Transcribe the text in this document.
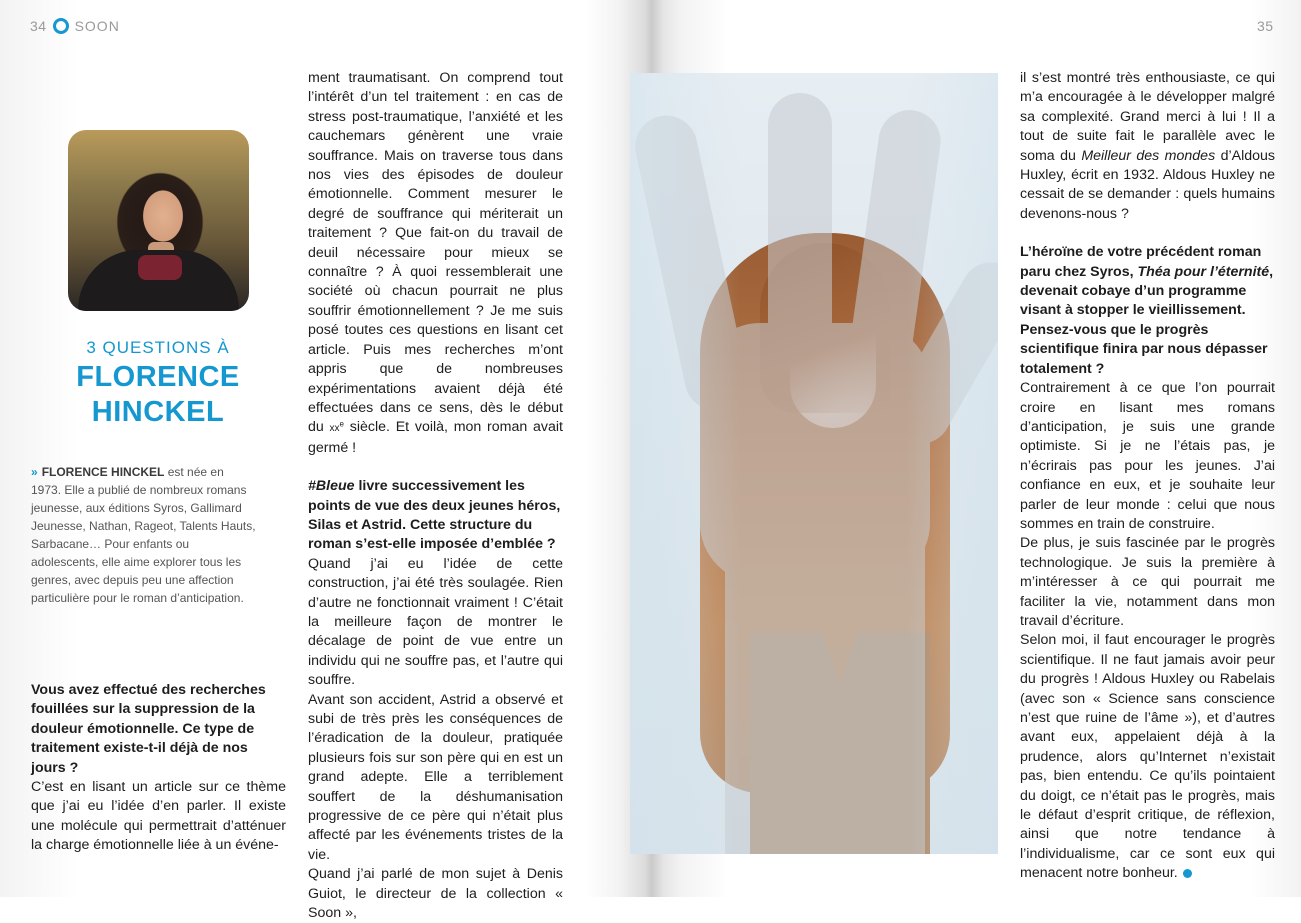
34 SOON	35
3 QUESTIONS À
FLORENCE
HINCKEL
» FLORENCE HINCKEL est née en 1973. Elle a publié de nombreux romans jeunesse, aux éditions Syros, Gallimard Jeunesse, Nathan, Rageot, Talents Hauts, Sarbacane… Pour enfants ou adolescents, elle aime explorer tous les genres, avec depuis peu une affection particulière pour le roman d’anticipation.

Vous avez effectué des recherches fouillées sur la suppression de la douleur émotionnelle. Ce type de traitement existe-t-il déjà de nos jours ?

C’est en lisant un article sur ce thème que j’ai eu l’idée d’en parler. Il existe une molécule qui permettrait d’atténuer la charge émotionnelle liée à un événe-

ment traumatisant. On comprend tout l’intérêt d’un tel traitement : en cas de stress post-traumatique, l’anxiété et les cauchemars génèrent une vraie souffrance. Mais on traverse tous dans nos vies des épisodes de douleur émotionnelle. Comment mesurer le degré de souffrance qui mériterait un traitement ? Que fait-on du travail de deuil nécessaire pour mieux se connaître ? À quoi ressemblerait une société où chacun pourrait ne plus souffrir émotionnellement ? Je me suis posé toutes ces questions en lisant cet article. Puis mes recherches m’ont appris que de nombreuses expérimentations avaient déjà été effectuées dans ce sens, dès le début du $xx^e$ siècle. Et voilà, mon roman avait germé !

#Bleue livre successivement les points de vue des deux jeunes héros, Silas et Astrid. Cette structure du roman s’est-elle imposée d’emblée ?

Quand j’ai eu l’idée de cette construction, j’ai été très soulagée. Rien d’autre ne fonctionnait vraiment ! C’était la meilleure façon de montrer le décalage de point de vue entre un individu qui ne souffre pas, et l’autre qui souffre.

Avant son accident, Astrid a observé et subi de très près les conséquences de l’éradication de la douleur, pratiquée plusieurs fois sur son père qui en est un grand adepte. Elle a terriblement souffert de la déshumanisation progressive de ce père qui n’était plus affecté par les événements tristes de la vie.

Quand j’ai parlé de mon sujet à Denis Guiot, le directeur de la collection « Soon »,

il s’est montré très enthousiaste, ce qui m’a encouragée à le développer malgré sa complexité. Grand merci à lui ! Il a tout de suite fait le parallèle avec le soma du Meilleur des mondes d’Aldous Huxley, écrit en 1932. Aldous Huxley ne cessait de se demander : quels humains devenons-nous ?

L’héroïne de votre précédent roman paru chez Syros, Théa pour l’éternité, devenait cobaye d’un programme visant à stopper le vieillissement. Pensez-vous que le progrès scientifique finira par nous dépasser totalement ?

Contrairement à ce que l’on pourrait croire en lisant mes romans d’anticipation, je suis une grande optimiste. Si je ne l’étais pas, je n’écrirais pas pour les jeunes. J’ai confiance en eux, et je souhaite leur parler de leur monde : celui que nous sommes en train de construire.

De plus, je suis fascinée par le progrès technologique. Je suis la première à m’intéresser à ce qui pourrait me faciliter la vie, notamment dans mon travail d’écriture.

Selon moi, il faut encourager le progrès scientifique. Il ne faut jamais avoir peur du progrès ! Aldous Huxley ou Rabelais (avec son « Science sans conscience n’est que ruine de l’âme »), et d’autres avant eux, appelaient déjà à la prudence, alors qu’Internet n’existait pas, bien entendu. Ce qu’ils pointaient du doigt, ce n’était pas le progrès, mais le défaut d’esprit critique, de réflexion, ainsi que notre tendance à l’individualisme, car ce sont eux qui menacent notre bonheur.
